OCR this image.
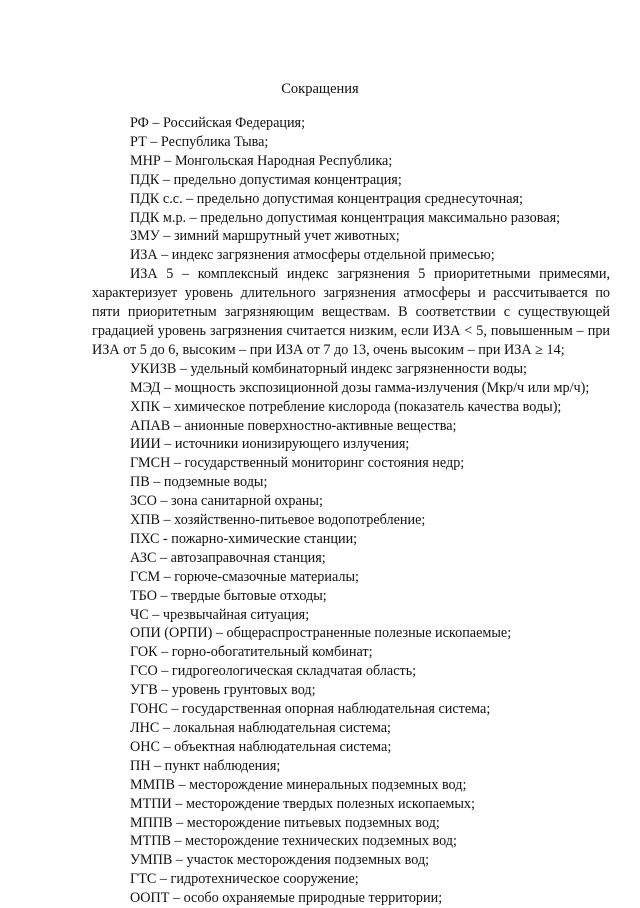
Сокращения
РФ – Российская Федерация;
РТ – Республика Тыва;
МНР – Монгольская Народная Республика;
ПДК – предельно допустимая концентрация;
ПДК с.с. – предельно допустимая концентрация среднесуточная;
ПДК м.р. – предельно допустимая концентрация максимально разовая;
ЗМУ – зимний маршрутный учет животных;
ИЗА – индекс загрязнения атмосферы отдельной примесью;
ИЗА 5 – комплексный индекс загрязнения 5 приоритетными примесями, характеризует уровень длительного загрязнения атмосферы и рассчитывается по пяти приоритетным загрязняющим веществам. В соответствии с существующей градацией уровень загрязнения считается низким, если ИЗА < 5, повышенным – при ИЗА от 5 до 6, высоким – при ИЗА от 7 до 13, очень высоким – при ИЗА ≥ 14;
УКИЗВ – удельный комбинаторный индекс загрязненности воды;
МЭД – мощность экспозиционной дозы гамма-излучения (Мкр/ч или мр/ч);
ХПК – химическое потребление кислорода (показатель качества воды);
АПАВ – анионные поверхностно-активные вещества;
ИИИ – источники ионизирующего излучения;
ГМСН – государственный мониторинг состояния недр;
ПВ – подземные воды;
ЗСО – зона санитарной охраны;
ХПВ – хозяйственно-питьевое водопотребление;
ПХС - пожарно-химические станции;
АЗС – автозаправочная станция;
ГСМ – горюче-смазочные материалы;
ТБО – твердые бытовые отходы;
ЧС – чрезвычайная ситуация;
ОПИ (ОРПИ) – общераспространенные полезные ископаемые;
ГОК – горно-обогатительный комбинат;
ГСО – гидрогеологическая складчатая область;
УГВ – уровень грунтовых вод;
ГОНС – государственная опорная наблюдательная система;
ЛНС – локальная наблюдательная система;
ОНС – объектная наблюдательная система;
ПН – пункт наблюдения;
ММПВ – месторождение минеральных подземных вод;
МТПИ – месторождение твердых полезных ископаемых;
МППВ – месторождение питьевых подземных вод;
МТПВ – месторождение технических подземных вод;
УМПВ – участок месторождения подземных вод;
ГТС – гидротехническое сооружение;
ООПТ – особо охраняемые природные территории;
